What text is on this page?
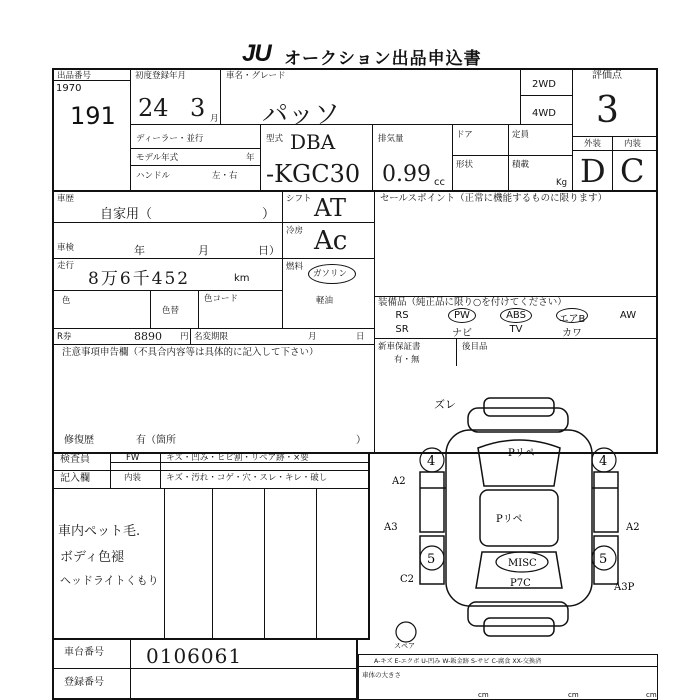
JU オークション出品申込書
出品番号
1970
191
初度登録年月
24 3 月
車名・グレード
パッソ
2WD
4WD
評価点
3
外装	内装
D C
ディーラー・並行
モデル年式	年
ハンドル	左・右
型式 DBA
-KGC30
排気量
0.99 cc
ドア	定員
形状	積載
Kg
車歴
自家用（	）
シフト AT
冷房 Ac
車検	年	月	日）
走行
8万6千452	km
燃料
ガソリン
軽油
色
色替
色コード
R券	8890 円 名変期限	月	日
注意事項申告欄（不具合内容等は具体的に記入して下さい）
修復歴	有（箇所	）
セールスポイント（正常に機能するものに限ります）
装備品（純正品に限り○を付けてください）
RS	PW	ABS	エアB	AW
SR	ナビ	TV	カワ
新車保証書
有・無
後目品
検査員
記入欄
FW	キズ・凹み・ヒビ割・リペア跡・×要
内装	キズ・汚れ・コゲ・穴・スレ・キレ・破し
車内ペット毛.
ボディ色褪
ヘッドライトくもり
ズレ
Pリペ
A2
Pリペ
A3	A2
MISC
C2	P7C	A3P
スペア
4	4
5	5
車台番号 0106061
登録番号
A-キズ E-エクボ U-凹み W-鈑金跡 S-サビ C-腐食 XX-交換済
車体の大きさ
cm	cm	cm
